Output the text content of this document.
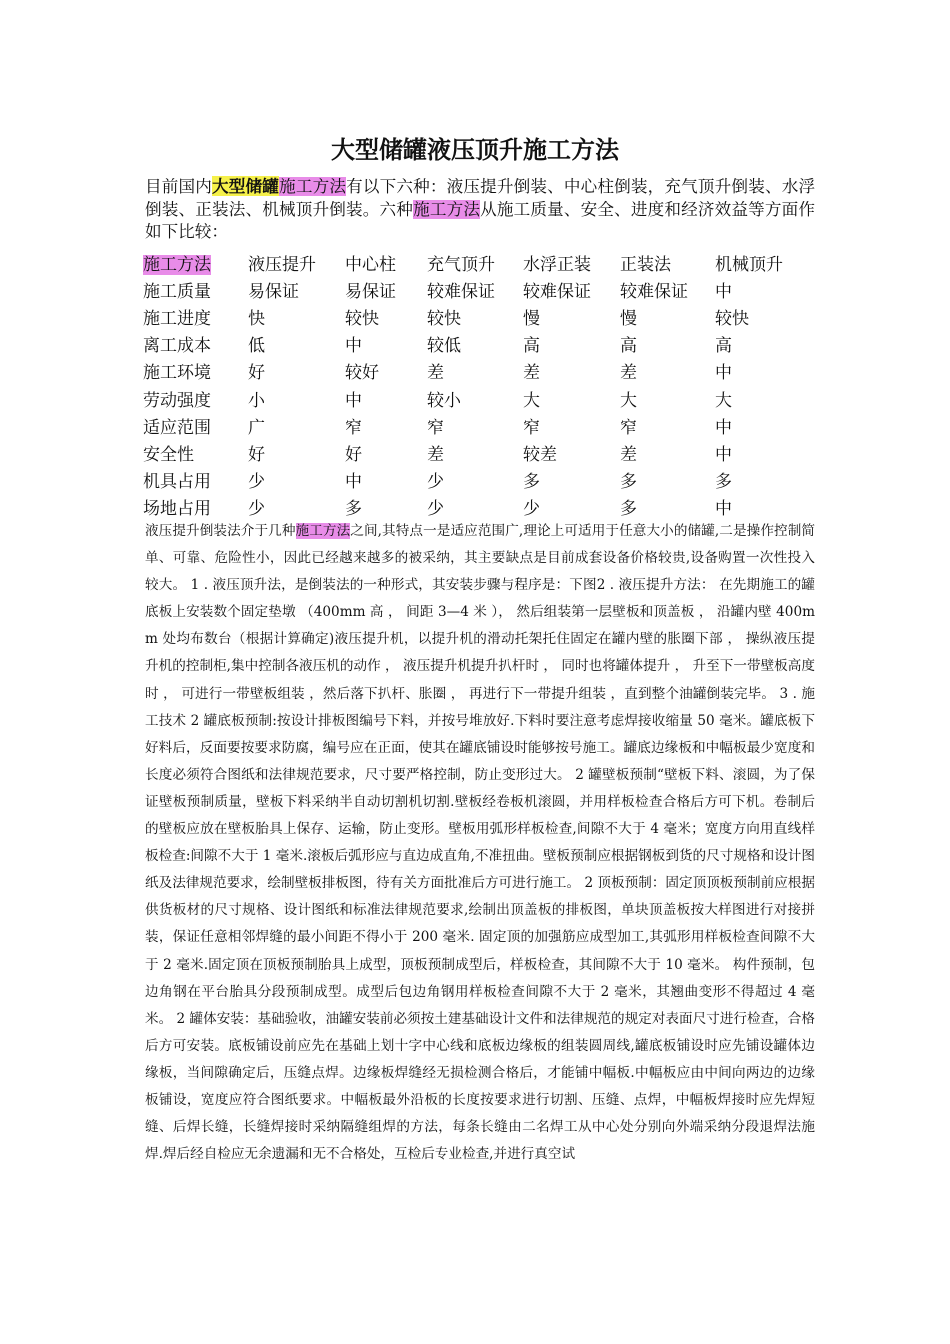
大型储罐液压顶升施工方法
目前国内大型储罐施工方法有以下六种：液压提升倒装、中心柱倒装，充气顶升倒装、水浮倒装、正装法、机械顶升倒装。六种施工方法从施工质量、安全、进度和经济效益等方面作如下比较：
施工方法	液压提升	中心柱	充气顶升	水浮正装	正装法	机械顶升
施工质量	易保证	易保证	较难保证	较难保证	较难保证	中
施工进度	快	较快	较快	慢	慢	较快
离工成本	低	中	较低	高	高	高
施工环境	好	较好	差	差	差	中
劳动强度	小	中	较小	大	大	大
适应范围	广	窄	窄	窄	窄	中
安全性	好	好	差	较差	差	中
机具占用	少	中	少	多	多	多
场地占用	少	多	少	少	多	中
液压提升倒装法介于几种施工方法之间,其特点一是适应范围广,理论上可适用于任意大小的储罐,二是操作控制简单、可靠、危险性小，因此已经越来越多的被采纳，其主要缺点是目前成套设备价格较贵,设备购置一次性投入较大。 1 . 液压顶升法，是倒装法的一种形式，其安装步骤与程序是：下图2 . 液压提升方法： 在先期施工的罐底板上安装数个固定垫墩 （400mm 高 ， 间距 3—4 米 ）， 然后组装第一层壁板和顶盖板 ， 沿罐内壁 400mm 处均布数台（根据计算确定)液压提升机，以提升机的滑动托架托住固定在罐内壁的胀圈下部 ， 操纵液压提升机的控制柜,集中控制各液压机的动作 ， 液压提升机提升扒杆时 ， 同时也将罐体提升 ， 升至下一带壁板高度时 ， 可进行一带壁板组装 ，然后落下扒杆、胀圈 ， 再进行下一带提升组装 ，直到整个油罐倒装完毕。 3 . 施工技术 2 罐底板预制:按设计排板图编号下料，并按号堆放好.下料时要注意考虑焊接收缩量 50 毫米。罐底板下好料后，反面要按要求防腐，编号应在正面，使其在罐底铺设时能够按号施工。罐底边缘板和中幅板最少宽度和长度必须符合图纸和法律规范要求，尺寸要严格控制，防止变形过大。 2 罐壁板预制“壁板下料、滚圆，为了保证壁板预制质量，壁板下料采纳半自动切割机切割.壁板经卷板机滚圆，并用样板检查合格后方可下机。卷制后的壁板应放在壁板胎具上保存、运输，防止变形。壁板用弧形样板检查,间隙不大于 4 毫米；宽度方向用直线样板检查:间隙不大于 1 毫米.滚板后弧形应与直边成直角,不准扭曲。壁板预制应根据钢板到货的尺寸规格和设计图纸及法律规范要求，绘制壁板排板图，待有关方面批准后方可进行施工。 2 顶板预制：固定顶顶板预制前应根据供货板材的尺寸规格、设计图纸和标准法律规范要求,绘制出顶盖板的排板图，单块顶盖板按大样图进行对接拼装，保证任意相邻焊缝的最小间距不得小于 200 毫米. 固定顶的加强筋应成型加工,其弧形用样板检查间隙不大于 2 毫米.固定顶在顶板预制胎具上成型，顶板预制成型后，样板检查，其间隙不大于 10 毫米。 构件预制，包边角钢在平台胎具分段预制成型。成型后包边角钢用样板检查间隙不大于 2 毫米，其翘曲变形不得超过 4 毫米。 2 罐体安装：基础验收，油罐安装前必须按土建基础设计文件和法律规范的规定对表面尺寸进行检查，合格后方可安装。底板铺设前应先在基础上划十字中心线和底板边缘板的组装圆周线,罐底板铺设时应先铺设罐体边缘板，当间隙确定后，压缝点焊。边缘板焊缝经无损检测合格后，才能铺中幅板.中幅板应由中间向两边的边缘板铺设，宽度应符合图纸要求。中幅板最外沿板的长度按要求进行切割、压缝、点焊，中幅板焊接时应先焊短缝、后焊长缝，长缝焊接时采纳隔缝组焊的方法，每条长缝由二名焊工从中心处分别向外端采纳分段退焊法施焊.焊后经自检应无余遗漏和无不合格处，互检后专业检查,并进行真空试
